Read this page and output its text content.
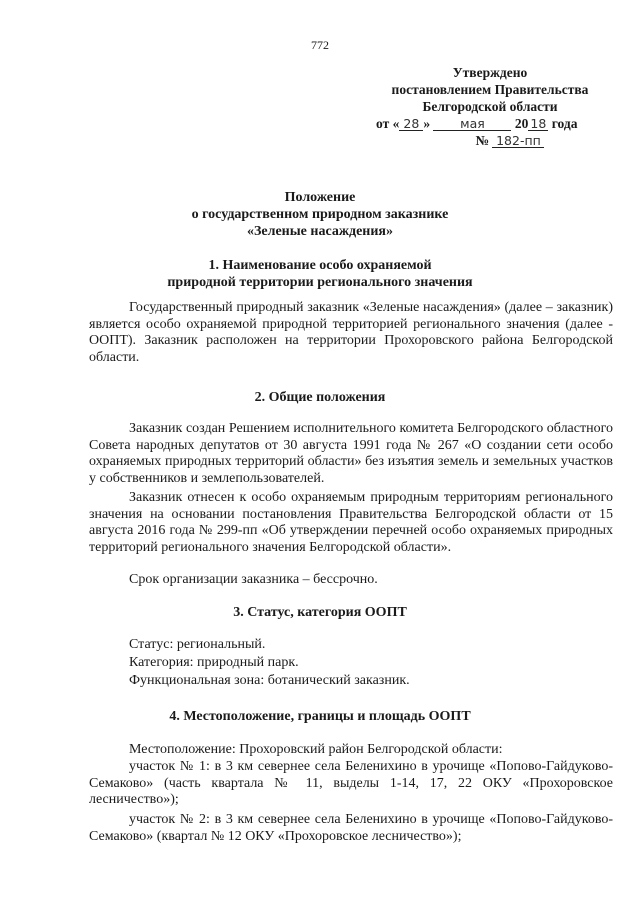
772
Утверждено
постановлением Правительства
Белгородской области
от « 28 » мая 20 18 года
№ 182-пп
Положение
о государственном природном заказнике
«Зеленые насаждения»
1. Наименование особо охраняемой
природной территории регионального значения
Государственный природный заказник «Зеленые насаждения» (далее – заказник) является особо охраняемой природной территорией регионального значения (далее - ООПТ). Заказник расположен на территории Прохоровского района Белгородской области.
2. Общие положения
Заказник создан Решением исполнительного комитета Белгородского областного Совета народных депутатов от 30 августа 1991 года № 267 «О создании сети особо охраняемых природных территорий области» без изъятия земель и земельных участков у собственников и землепользователей.
Заказник отнесен к особо охраняемым природным территориям регионального значения на основании постановления Правительства Белгородской области от 15 августа 2016 года № 299-пп «Об утверждении перечней особо охраняемых природных территорий регионального значения Белгородской области».
Срок организации заказника – бессрочно.
3. Статус, категория ООПТ
Статус: региональный.
Категория: природный парк.
Функциональная зона: ботанический заказник.
4. Местоположение, границы и площадь ООПТ
Местоположение: Прохоровский район Белгородской области:
участок № 1: в 3 км севернее села Беленихино в урочище «Попово-Гайдуково-Семаково» (часть квартала № 11, выделы 1-14, 17, 22 ОКУ «Прохоровское лесничество»);
участок № 2: в 3 км севернее села Беленихино в урочище «Попово-Гайдуково-Семаково» (квартал № 12 ОКУ «Прохоровское лесничество»);
